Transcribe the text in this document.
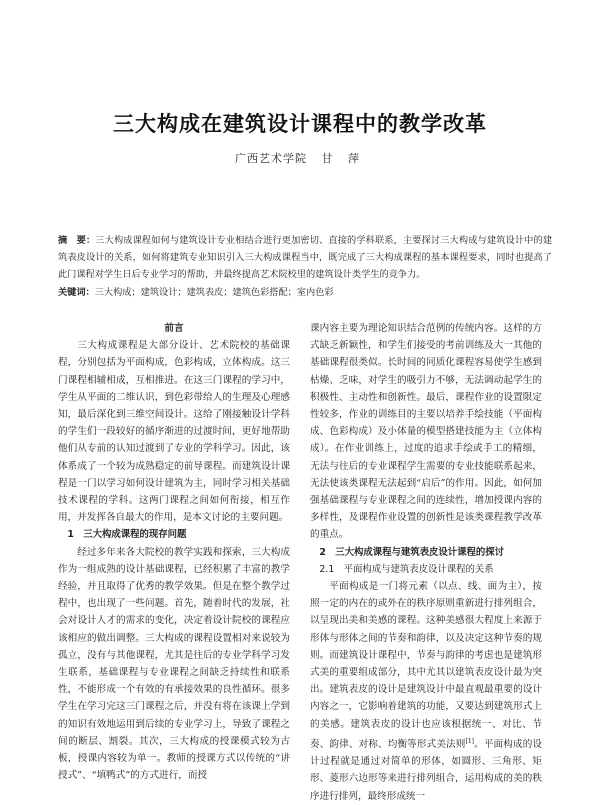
三大构成在建筑设计课程中的教学改革
广西艺术学院 甘 萍
摘　要：三大构成课程如何与建筑设计专业相结合进行更加密切、直接的学科联系，主要探讨三大构成与建筑设计中的建筑表皮设计的关系，如何将建筑专业知识引入三大构成课程当中，既完成了三大构成课程的基本课程要求，同时也提高了此门课程对学生日后专业学习的帮助，并最终提高艺术院校里的建筑设计类学生的竞争力。
关键词：三大构成；建筑设计；建筑表皮；建筑色彩搭配；室内色彩

前言

三大构成课程是大部分设计、艺术院校的基础课程，分别包括为平面构成，色彩构成，立体构成。这三门课程相辅相成，互相推进。在这三门课程的学习中，学生从平面的二维认识，到色彩带给人的生理及心理感知，最后深化到三维空间设计。这给了刚接触设计学科的学生们一段较好的循序渐进的过渡时间，更好地帮助他们从专前的认知过渡到了专业的学科学习。因此，该体系成了一个较为成熟稳定的前导课程。而建筑设计课程是一门以学习如何设计建筑为主，同时学习相关基础技术课程的学科。这两门课程之间如何衔接，相互作用，并发挥各自最大的作用，是本文讨论的主要问题。

1　三大构成课程的现存问题

经过多年来各大院校的教学实践和探索，三大构成作为一组成熟的设计基础课程，已经积累了丰富的教学经验，并且取得了优秀的教学效果。但是在整个教学过程中，也出现了一些问题。首先，随着时代的发展，社会对设计人才的需求的变化，决定着设计院校的课程应该相应的做出调整。三大构成的课程设置相对来说较为孤立，没有与其他课程，尤其是往后的专业学科学习发生联系，基础课程与专业课程之间缺乏持续性和联系性，不能形成一个有效的有承接效果的良性循环。很多学生在学习完这三门课程之后，并没有将在该课上学到的知识有效地运用到后续的专业学习上，导致了课程之间的断层、割裂。其次，三大构成的授课模式较为古板，授课内容较为单一。教师的授课方式以传统的“讲授式”、“填鸭式”的方式进行，而授

课内容主要为理论知识结合范例的传统内容。这样的方式缺乏新颖性，和学生们接受的考前训练及大一其他的基础课程很类似。长时间的同质化课程容易使学生感到枯燥、乏味，对学生的吸引力不够，无法调动起学生的积极性、主动性和创新性。最后，课程作业的设置限定性较多，作业的训练目的主要以培养手绘技能（平面构成、色彩构成）及小体量的模型搭建技能为主（立体构成）。在作业训练上，过度的追求手绘或手工的精细，无法与往后的专业课程学生需要的专业技能联系起来，无法使该类课程无法起到“启后”的作用。因此，如何加强基础课程与专业课程之间的连续性，增加授课内容的多样性，及课程作业设置的创新性是该类课程教学改革的重点。

2　三大构成课程与建筑表皮设计课程的探讨

2.1　平面构成与建筑表皮设计课程的关系

平面构成是一门将元素（以点、线、面为主），按照一定的内在的或外在的秩序原则重新进行排列组合，以呈现出美和美感的课程。这种美感很大程度上来源于形体与形体之间的节奏和韵律，以及决定这种节奏的规则。而建筑设计课程中，节奏与韵律的考虑也是建筑形式美的重要组成部分，其中尤其以建筑表皮设计最为突出。建筑表皮的设计是建筑设计中最直观最重要的设计内容之一，它影响着建筑的功能，又要达到建筑形式上的美感。建筑表皮的设计也应该根据统一、对比、节奏、韵律、对称、均衡等形式美法则[1]。平面构成的设计过程就是通过对简单的形体，如圆形、三角形、矩形、菱形六边形等来进行排列组合，运用构成的美的秩序进行排列，最终形成统一
